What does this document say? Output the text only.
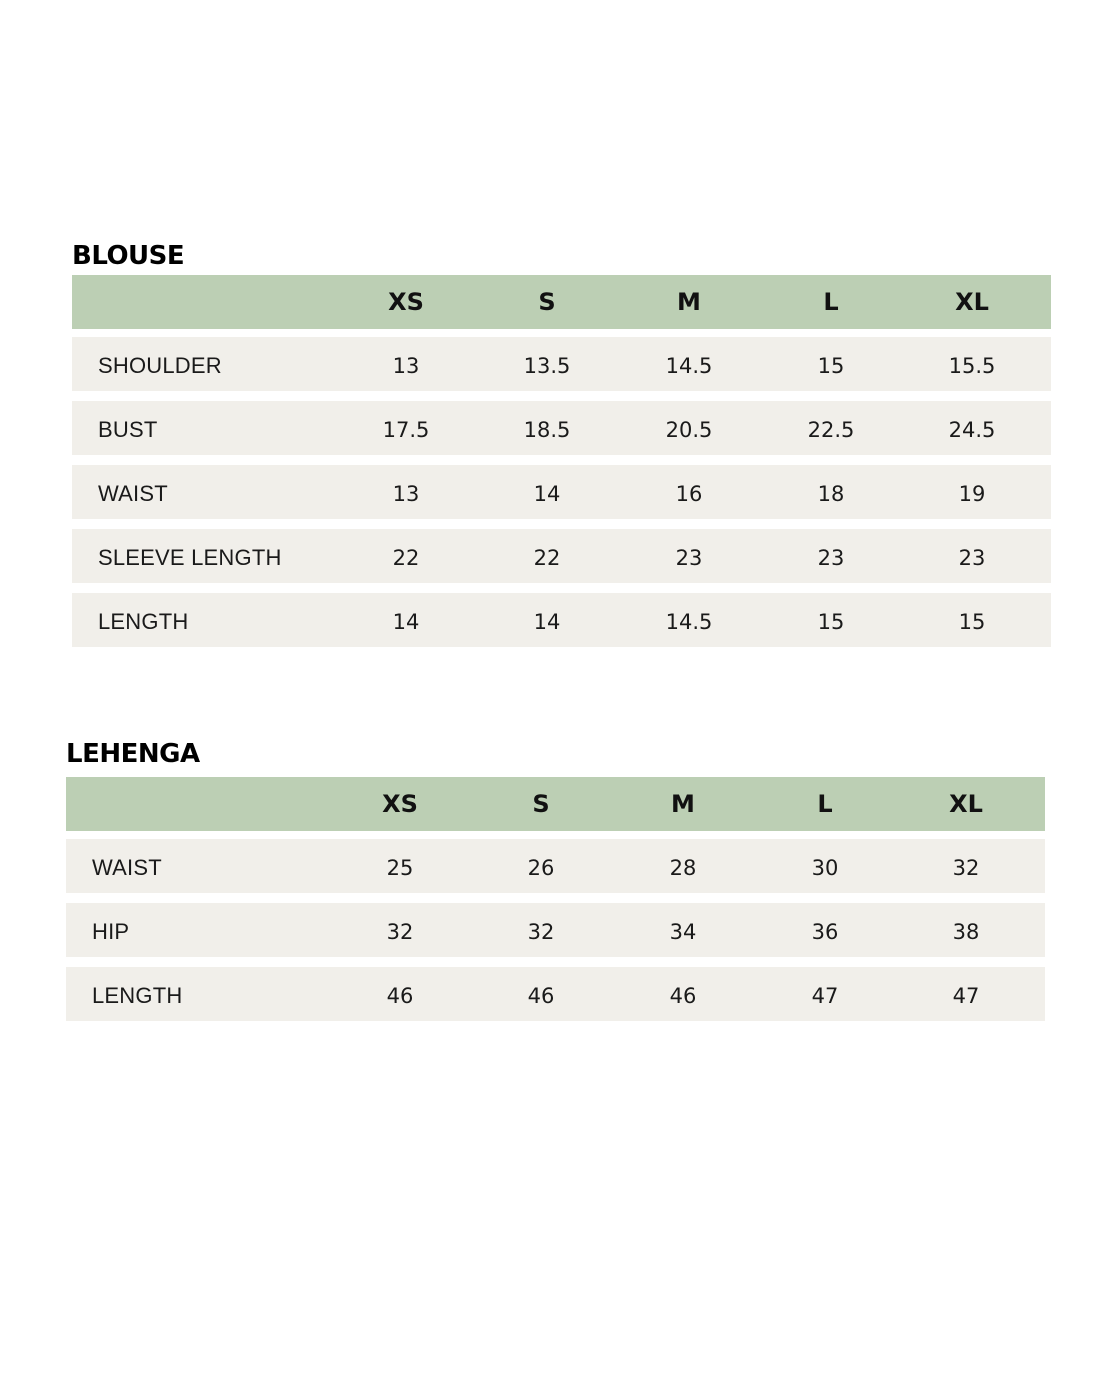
BLOUSE
XS	S	M	L	XL
SHOULDER	13	13.5	14.5	15	15.5
BUST	17.5	18.5	20.5	22.5	24.5
WAIST	13	14	16	18	19
SLEEVE LENGTH	22	22	23	23	23
LENGTH	14	14	14.5	15	15
LEHENGA
XS	S	M	L	XL
WAIST	25	26	28	30	32
HIP	32	32	34	36	38
LENGTH	46	46	46	47	47
